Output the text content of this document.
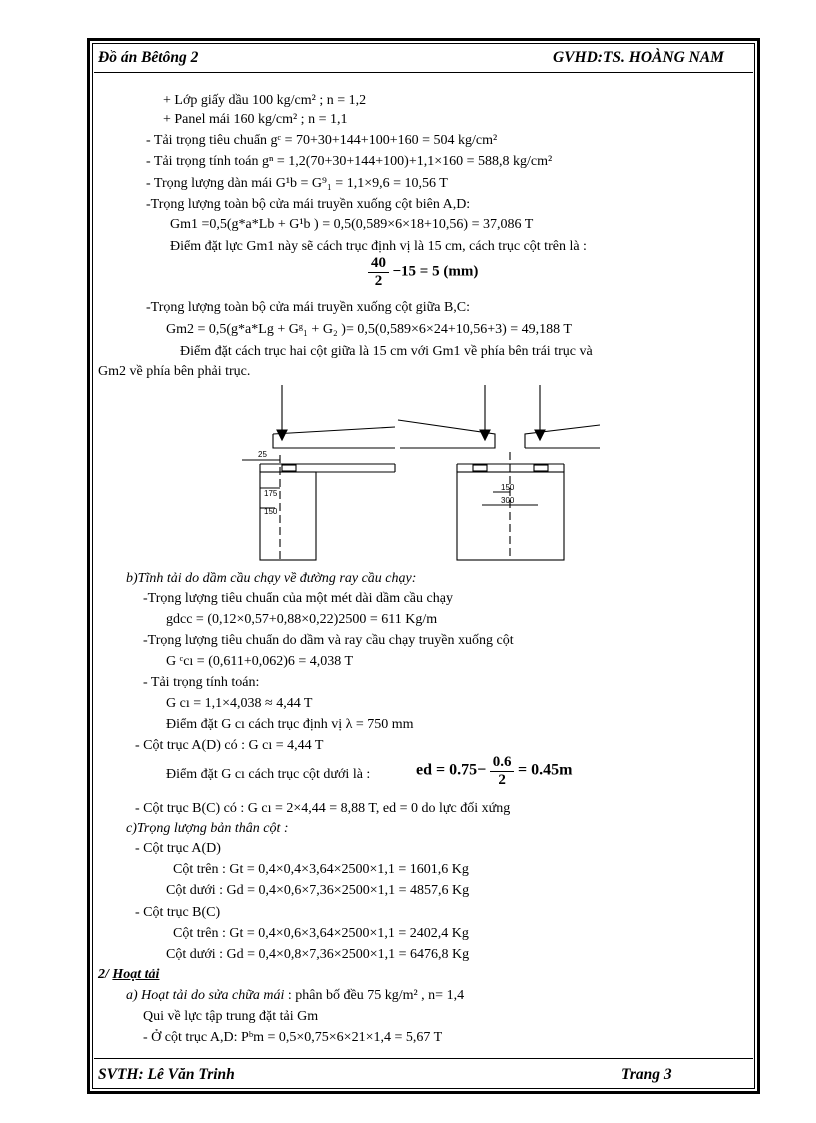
Đồ án Bêtông 2	GVHD:TS. HOÀNG NAM
+ Lớp giấy dầu 100 kg/cm² ; n = 1,2
+ Panel mái 160 kg/cm² ; n = 1,1
- Tải trọng tiêu chuẩn gᶜ = 70+30+144+100+160 = 504 kg/cm²
- Tải trọng tính toán gⁿ = 1,2(70+30+144+100)+1,1×160 = 588,8 kg/cm²
- Trọng lượng dàn mái G¹b = G⁹₁ = 1,1×9,6 = 10,56 T
-Trọng lượng toàn bộ cửa mái truyền xuống cột biên A,D:
Gm1 =0,5(g*a*Lb + G¹b ) = 0,5(0,589×6×18+10,56) = 37,086 T
Điểm đặt lực Gm1 này sẽ cách trục định vị là 15 cm, cách trục cột trên là :
$\frac{40}{2} -15 = 5$ (mm)
-Trọng lượng toàn bộ cửa mái truyền xuống cột giữa B,C:
Gm2 = 0,5(g*a*Lg + Gᵍ₁ + G₂ )= 0,5(0,589×6×24+10,56+3) = 49,188 T
Điểm đặt cách trục hai cột giữa là 15 cm với Gm1 về phía bên trái trục và
Gm2 về phía bên phải trục.
25
175
150
150
300
b)Tĩnh tải do dầm cầu chạy về đường ray cầu chạy:
-Trọng lượng tiêu chuẩn của một mét dài dầm cầu chạy
gdcc = (0,12×0,57+0,88×0,22)2500 = 611 Kg/m
-Trọng lượng tiêu chuẩn do dầm và ray cầu chạy truyền xuống cột
G ᶜcı = (0,611+0,062)6 = 4,038 T
- Tải trọng tính toán:
G cı = 1,1×4,038 ≈ 4,44 T
Điểm đặt G cı cách trục định vị λ = 750 mm
- Cột trục A(D) có : G cı = 4,44 T
Điểm đặt G cı cách trục cột dưới là :	ed = $0.75- \frac{0.6}{2} = 0.45m$
- Cột trục B(C) có : G cı = 2×4,44 = 8,88 T, ed = 0 do lực đối xứng
c)Trọng lượng bản thân cột :
- Cột trục A(D)
Cột trên : Gt = 0,4×0,4×3,64×2500×1,1 = 1601,6 Kg
Cột dưới : Gd = 0,4×0,6×7,36×2500×1,1 = 4857,6 Kg
- Cột trục B(C)
Cột trên : Gt = 0,4×0,6×3,64×2500×1,1 = 2402,4 Kg
Cột dưới : Gd = 0,4×0,8×7,36×2500×1,1 = 6476,8 Kg
2/ Hoạt tải
a) Hoạt tải do sửa chữa mái : phân bố đều 75 kg/m² , n= 1,4
Qui về lực tập trung đặt tải Gm
- Ở cột trục A,D: Pᵇm = 0,5×0,75×6×21×1,4 = 5,67 T
SVTH: Lê Văn Trinh	Trang 3
